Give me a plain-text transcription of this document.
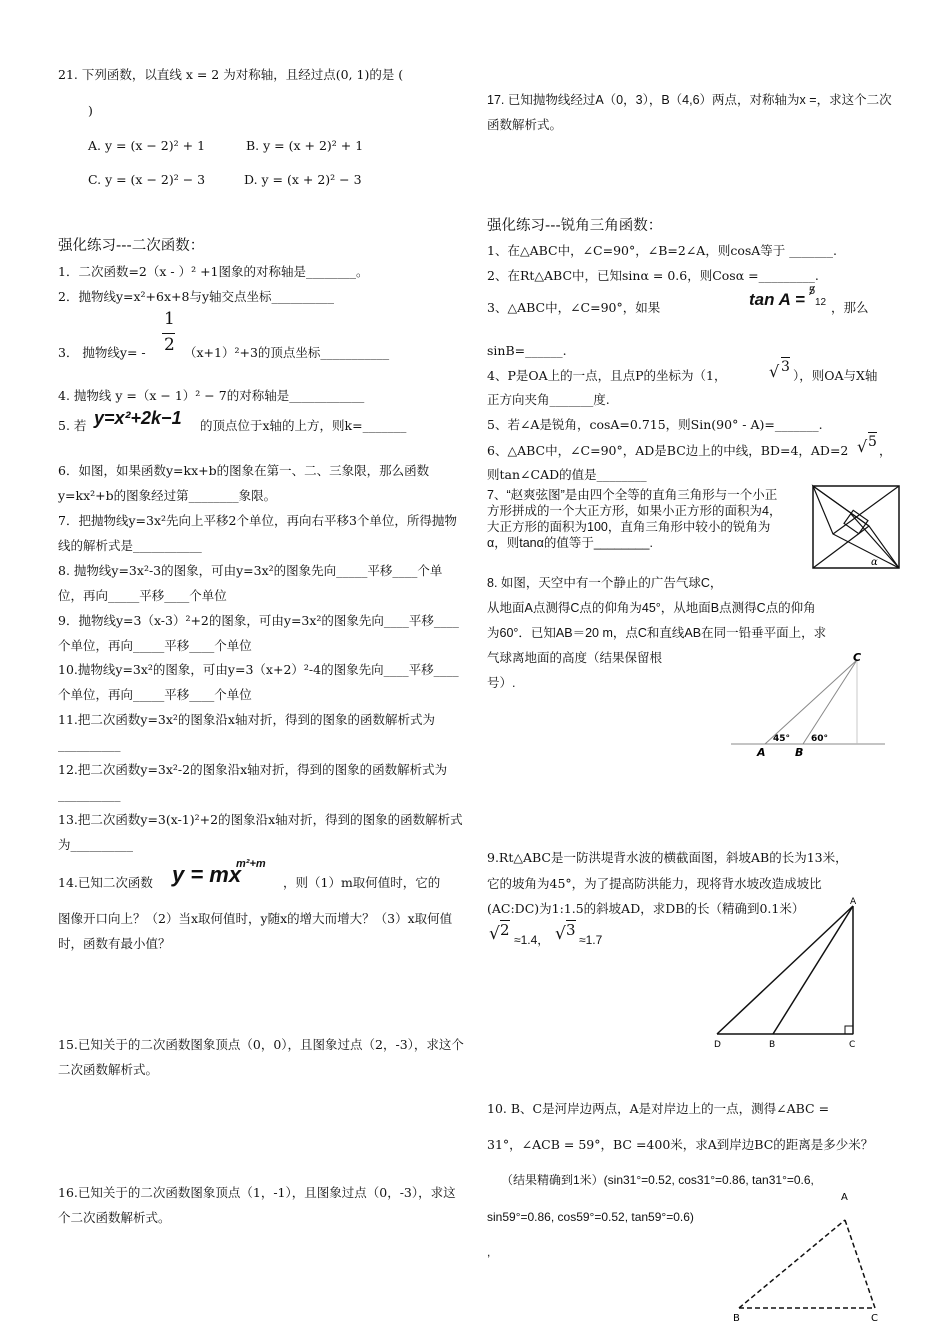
21. 下列函数，以直线 x = 2 为对称轴，且经过点(0, 1)的是 (
)
A. y = (x − 2)² + 1	B. y = (x + 2)² + 1
C. y = (x − 2)² − 3	D. y = (x + 2)² − 3
强化练习---二次函数：
1．二次函数=2（x - ）² +1图象的对称轴是________。
2．抛物线y=x²+6x+8与y轴交点坐标__________
3． 抛物线y= -
1
2 （x+1）²+3的顶点坐标___________
4. 抛物线 y =（x − 1）² − 7的对称轴是____________
5. 若 y=x²+2k−1 的顶点位于x轴的上方，则k=_______
6．如图，如果函数y=kx+b的图象在第一、二、三象限，那么函数y=kx²+b的图象经过第________象限。
7．把抛物线y=3x²先向上平移2个单位，再向右平移3个单位，所得抛物线的解析式是___________
8. 抛物线y=3x²-3的图象，可由y=3x²的图象先向_____平移____个单位，再向_____平移____个单位
9．抛物线y=3（x-3）²+2的图象，可由y=3x²的图象先向____平移____个单位，再向_____平移____个单位
10.抛物线y=3x²的图象，可由y=3（x+2）²-4的图象先向____平移____个单位，再向_____平移____个单位
11.把二次函数y=3x²的图象沿x轴对折，得到的图象的函数解析式为__________
12.把二次函数y=3x²-2的图象沿x轴对折，得到的图象的函数解析式为__________
13.把二次函数y=3(x-1)²+2的图象沿x轴对折，得到的图象的函数解析式为__________
14.已知二次函数 y = mx
m²+m
，则（1）m取何值时，它的
图像开口向上？（2）当x取何值时，y随x的增大而增大？（3）x取何值时，函数有最小值？
15.已知关于的二次函数图象顶点（0，0），且图象过点（2，-3），求这个二次函数解析式。
16.已知关于的二次函数图象顶点（1，-1），且图象过点（0，-3），求这个二次函数解析式。
17. 已知抛物线经过A（0，3），B（4,6）两点，对称轴为x =，求这个二次函数解析式。
强化练习---锐角三角函数：
1、在△ABC中，∠C=90°，∠B=2∠A，则cosA等于 _______.
2、在Rt△ABC中，已知sinα = 0.6，则Cosα =_________.
3、△ABC中，∠C=90°，如果	tan A = 5
12 ，那么
sinB=______.
4、P是OA上的一点，且点P的坐标为（1，	√ 3
），则OA与X轴
正方向夹角_______度.
5、若∠A是锐角，cosA=0.715，则Sin(90° - A)=_______.
6、△ABC中，∠C=90°，AD是BC边上的中线，BD=4，AD=2 √ 5
，
则tan∠CAD的值是________
7、“赵爽弦图”是由四个全等的直角三角形与一个小正方形拼成的一个大正方形，如果小正方形的面积为4，大正方形的面积为100，直角三角形中较小的锐角为α，则tanα的值等于________.
α
8. 如图，天空中有一个静止的广告气球C，
从地面A点测得C点的仰角为45°，从地面B点测得C点的仰角
为60°．已知AB＝20 m，点C和直线AB在同一铅垂平面上，求
气球离地面的高度（结果保留根
号）.
C
A	B
45° 60°
9.Rt△ABC是一防洪堤背水波的横截面图，斜坡AB的长为13米，
它的坡角为45°，为了提高防洪能力，现将背水坡改造成坡比
(AC:DC)为1:1.5的斜坡AD，求DB的长（精确到0.1米）
√ 2
≈1.4， √ 3
≈1.7
A
D	B	C
10. B、C是河岸边两点，A是对岸边上的一点，测得∠ABC =
31°，∠ACB = 59°，BC =400米，求A到岸边BC的距离是多少米？
（结果精确到1米）(sin31°=0.52, cos31°=0.86, tan31°=0.6,
sin59°=0.86, cos59°=0.52, tan59°=0.6)
,
A
B	C
